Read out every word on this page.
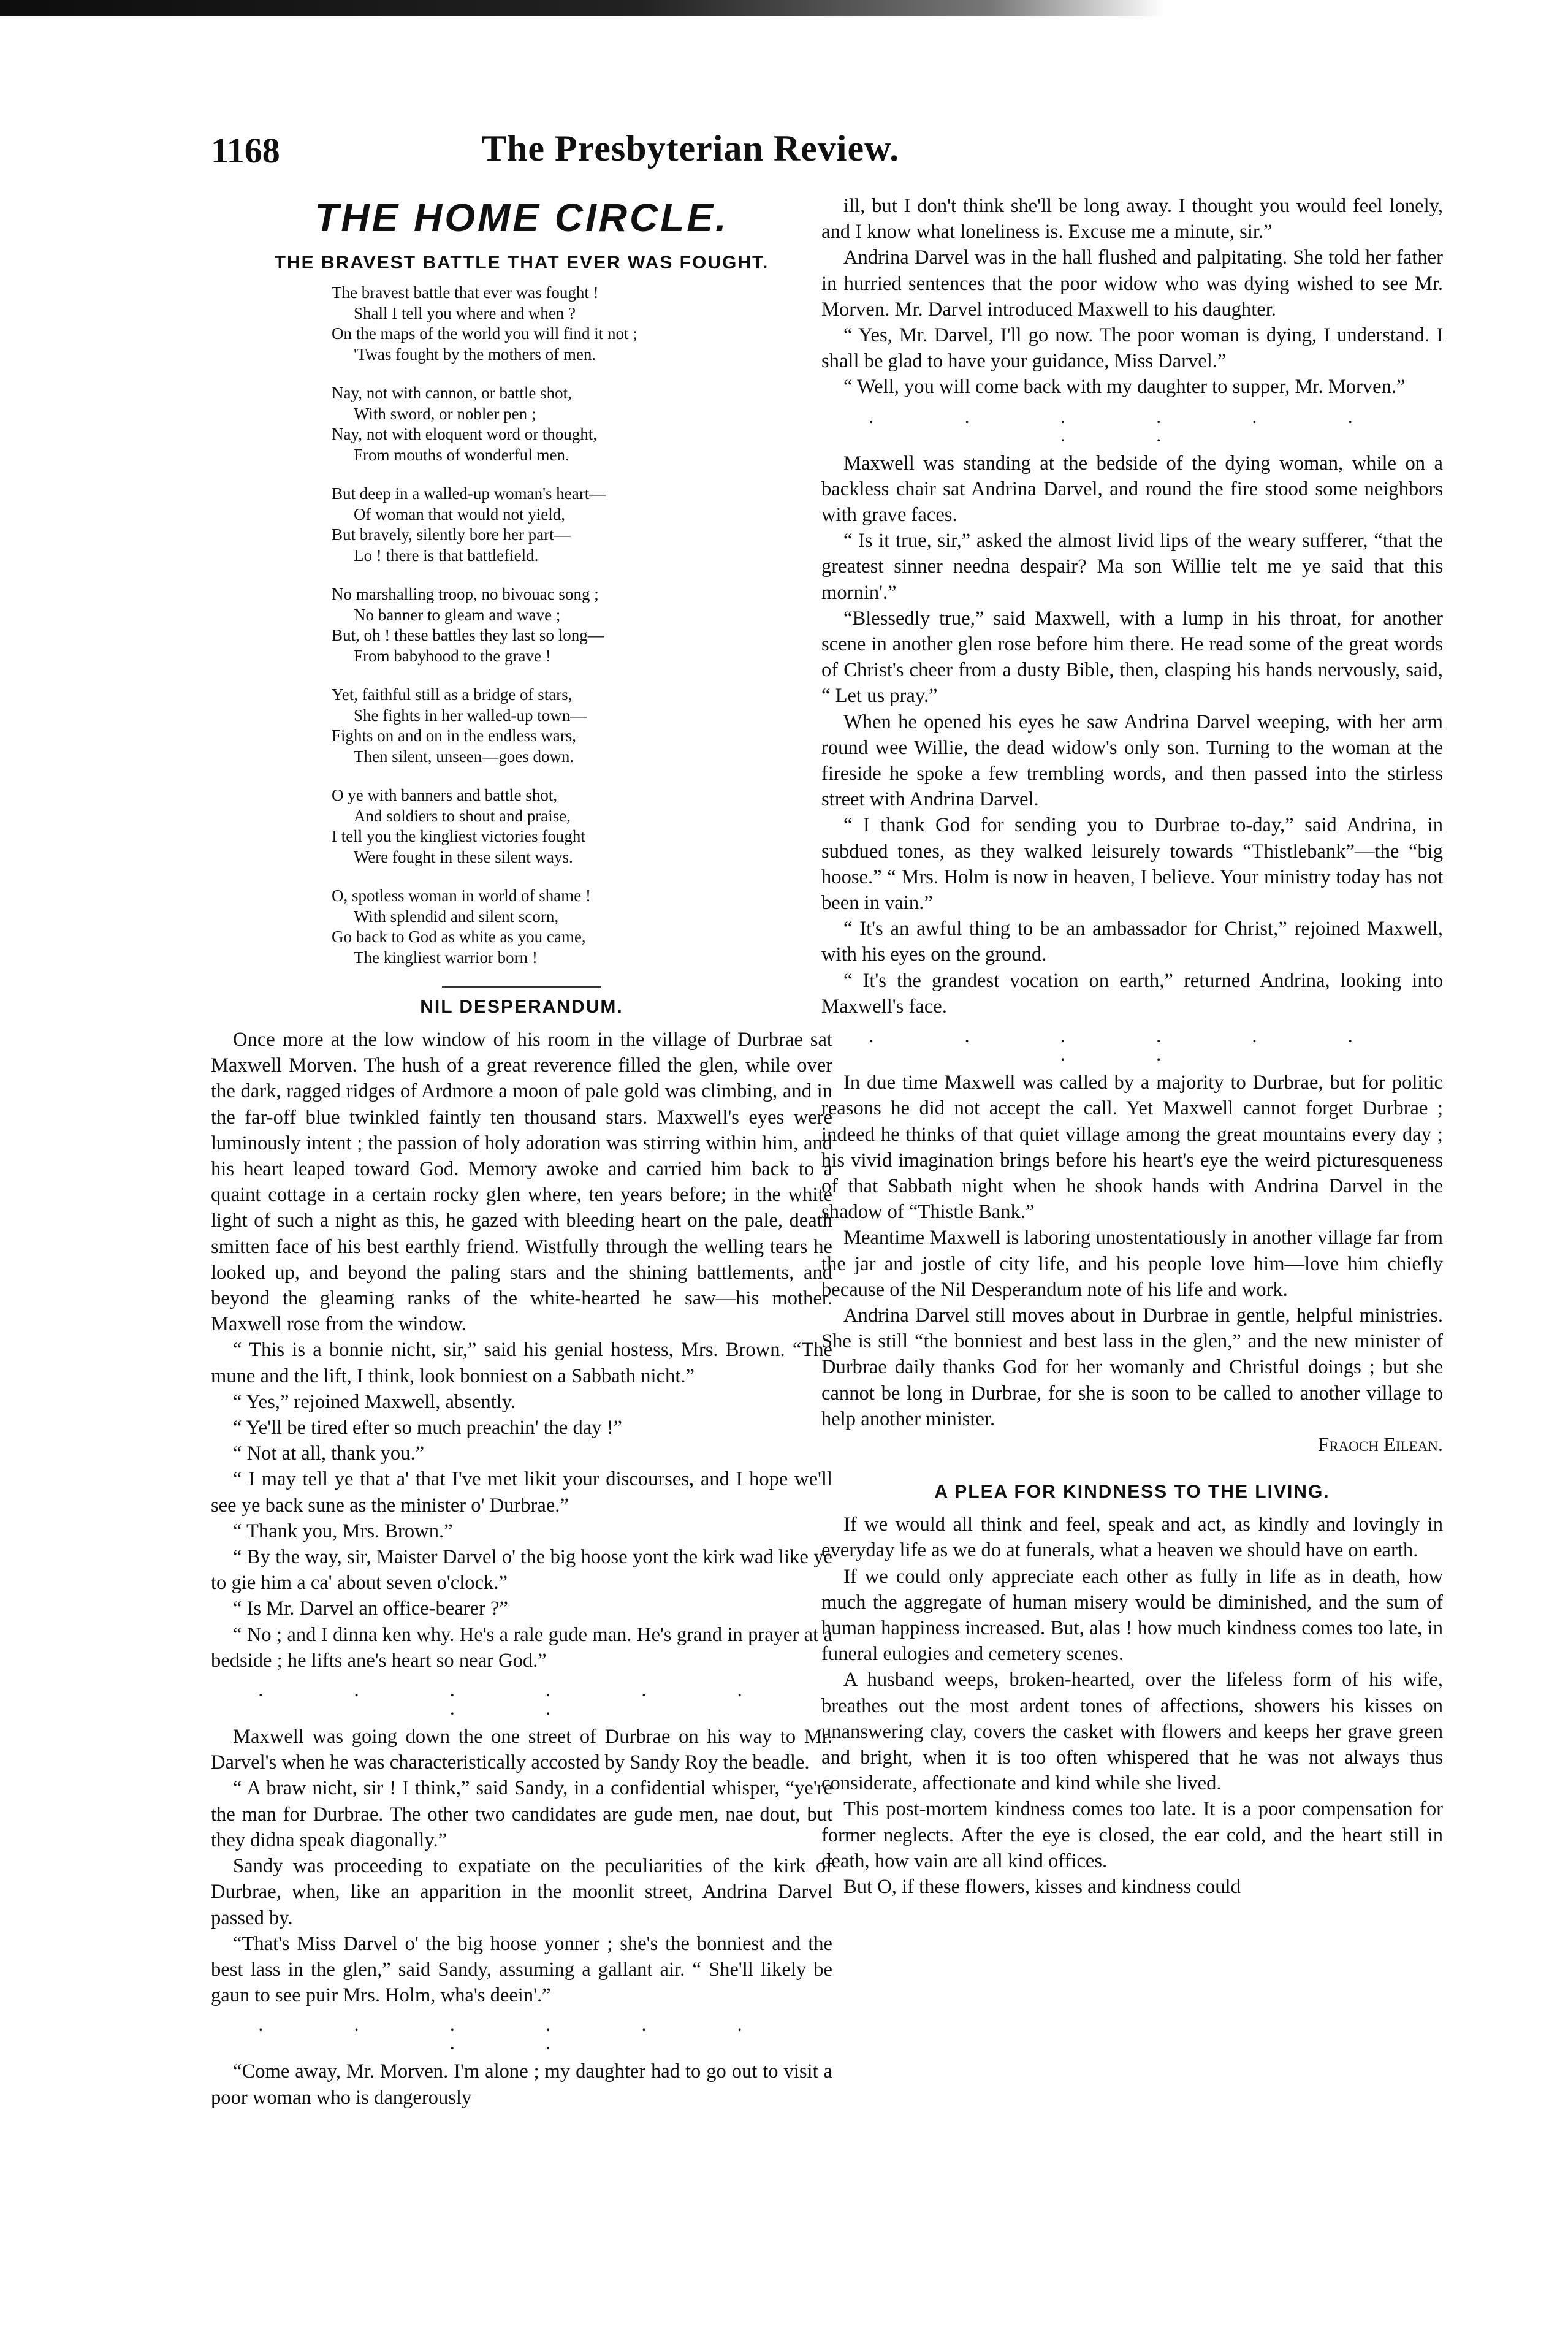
1168	The Presbyterian Review.
THE HOME CIRCLE.
THE BRAVEST BATTLE THAT EVER WAS FOUGHT.

The bravest battle that ever was fought !

Shall I tell you where and when ?

On the maps of the world you will find it not ;

'Twas fought by the mothers of men.

Nay, not with cannon, or battle shot,

With sword, or nobler pen ;

Nay, not with eloquent word or thought,

From mouths of wonderful men.

But deep in a walled-up woman's heart—

Of woman that would not yield,

But bravely, silently bore her part—

Lo ! there is that battlefield.

No marshalling troop, no bivouac song ;

No banner to gleam and wave ;

But, oh ! these battles they last so long—

From babyhood to the grave !

Yet, faithful still as a bridge of stars,

She fights in her walled-up town—

Fights on and on in the endless wars,

Then silent, unseen—goes down.

O ye with banners and battle shot,

And soldiers to shout and praise,

I tell you the kingliest victories fought

Were fought in these silent ways.

O, spotless woman in world of shame !

With splendid and silent scorn,

Go back to God as white as you came,

The kingliest warrior born !

NIL DESPERANDUM.

Once more at the low window of his room in the village of Durbrae sat Maxwell Morven. The hush of a great reverence filled the glen, while over the dark, ragged ridges of Ardmore a moon of pale gold was climbing, and in the far-off blue twinkled faintly ten thousand stars. Maxwell's eyes were luminously intent ; the passion of holy adoration was stirring within him, and his heart leaped toward God. Memory awoke and carried him back to a quaint cottage in a certain rocky glen where, ten years before; in the white light of such a night as this, he gazed with bleeding heart on the pale, death smitten face of his best earthly friend. Wistfully through the welling tears he looked up, and beyond the paling stars and the shining battlements, and beyond the gleaming ranks of the white-hearted he saw—his mother. Maxwell rose from the window.

“ This is a bonnie nicht, sir,” said his genial hostess, Mrs. Brown. “The mune and the lift, I think, look bonniest on a Sabbath nicht.”

“ Yes,” rejoined Maxwell, absently.

“ Ye'll be tired efter so much preachin' the day !”

“ Not at all, thank you.”

“ I may tell ye that a' that I've met likit your discourses, and I hope we'll see ye back sune as the minister o' Durbrae.”

“ Thank you, Mrs. Brown.”

“ By the way, sir, Maister Darvel o' the big hoose yont the kirk wad like ye to gie him a ca' about seven o'clock.”

“ Is Mr. Darvel an office-bearer ?”

“ No ; and I dinna ken why. He's a rale gude man. He's grand in prayer at a bedside ; he lifts ane's heart so near God.”

. . . . . . . .

Maxwell was going down the one street of Durbrae on his way to Mr. Darvel's when he was characteristically accosted by Sandy Roy the beadle.

“ A braw nicht, sir ! I think,” said Sandy, in a confidential whisper, “ye're the man for Durbrae. The other two candidates are gude men, nae dout, but they didna speak diagonally.”

Sandy was proceeding to expatiate on the peculiarities of the kirk of Durbrae, when, like an apparition in the moonlit street, Andrina Darvel passed by.

“That's Miss Darvel o' the big hoose yonner ; she's the bonniest and the best lass in the glen,” said Sandy, assuming a gallant air. “ She'll likely be gaun to see puir Mrs. Holm, wha's deein'.”

. . . . . . . .

“Come away, Mr. Morven. I'm alone ; my daughter had to go out to visit a poor woman who is dangerously

ill, but I don't think she'll be long away. I thought you would feel lonely, and I know what loneliness is. Excuse me a minute, sir.”

Andrina Darvel was in the hall flushed and palpitating. She told her father in hurried sentences that the poor widow who was dying wished to see Mr. Morven. Mr. Darvel introduced Maxwell to his daughter.

“ Yes, Mr. Darvel, I'll go now. The poor woman is dying, I understand. I shall be glad to have your guidance, Miss Darvel.”

“ Well, you will come back with my daughter to supper, Mr. Morven.”

. . . . . . . .

Maxwell was standing at the bedside of the dying woman, while on a backless chair sat Andrina Darvel, and round the fire stood some neighbors with grave faces.

“ Is it true, sir,” asked the almost livid lips of the weary sufferer, “that the greatest sinner needna despair? Ma son Willie telt me ye said that this mornin'.”

“Blessedly true,” said Maxwell, with a lump in his throat, for another scene in another glen rose before him there. He read some of the great words of Christ's cheer from a dusty Bible, then, clasping his hands nervously, said, “ Let us pray.”

When he opened his eyes he saw Andrina Darvel weeping, with her arm round wee Willie, the dead widow's only son. Turning to the woman at the fireside he spoke a few trembling words, and then passed into the stirless street with Andrina Darvel.

“ I thank God for sending you to Durbrae to-day,” said Andrina, in subdued tones, as they walked leisurely towards “Thistlebank”—the “big hoose.” “ Mrs. Holm is now in heaven, I believe. Your ministry today has not been in vain.”

“ It's an awful thing to be an ambassador for Christ,” rejoined Maxwell, with his eyes on the ground.

“ It's the grandest vocation on earth,” returned Andrina, looking into Maxwell's face.

. . . . . . . .

In due time Maxwell was called by a majority to Durbrae, but for politic reasons he did not accept the call. Yet Maxwell cannot forget Durbrae ; indeed he thinks of that quiet village among the great mountains every day ; his vivid imagination brings before his heart's eye the weird picturesqueness of that Sabbath night when he shook hands with Andrina Darvel in the shadow of “Thistle Bank.”

Meantime Maxwell is laboring unostentatiously in another village far from the jar and jostle of city life, and his people love him—love him chiefly because of the Nil Desperandum note of his life and work.

Andrina Darvel still moves about in Durbrae in gentle, helpful ministries. She is still “the bonniest and best lass in the glen,” and the new minister of Durbrae daily thanks God for her womanly and Christful doings ; but she cannot be long in Durbrae, for she is soon to be called to another village to help another minister.

Fraoch Eilean.

A PLEA FOR KINDNESS TO THE LIVING.

If we would all think and feel, speak and act, as kindly and lovingly in everyday life as we do at funerals, what a heaven we should have on earth.

If we could only appreciate each other as fully in life as in death, how much the aggregate of human misery would be diminished, and the sum of human happiness increased. But, alas ! how much kindness comes too late, in funeral eulogies and cemetery scenes.

A husband weeps, broken-hearted, over the lifeless form of his wife, breathes out the most ardent tones of affections, showers his kisses on unanswering clay, covers the casket with flowers and keeps her grave green and bright, when it is too often whispered that he was not always thus considerate, affectionate and kind while she lived.

This post-mortem kindness comes too late. It is a poor compensation for former neglects. After the eye is closed, the ear cold, and the heart still in death, how vain are all kind offices.

But O, if these flowers, kisses and kindness could
